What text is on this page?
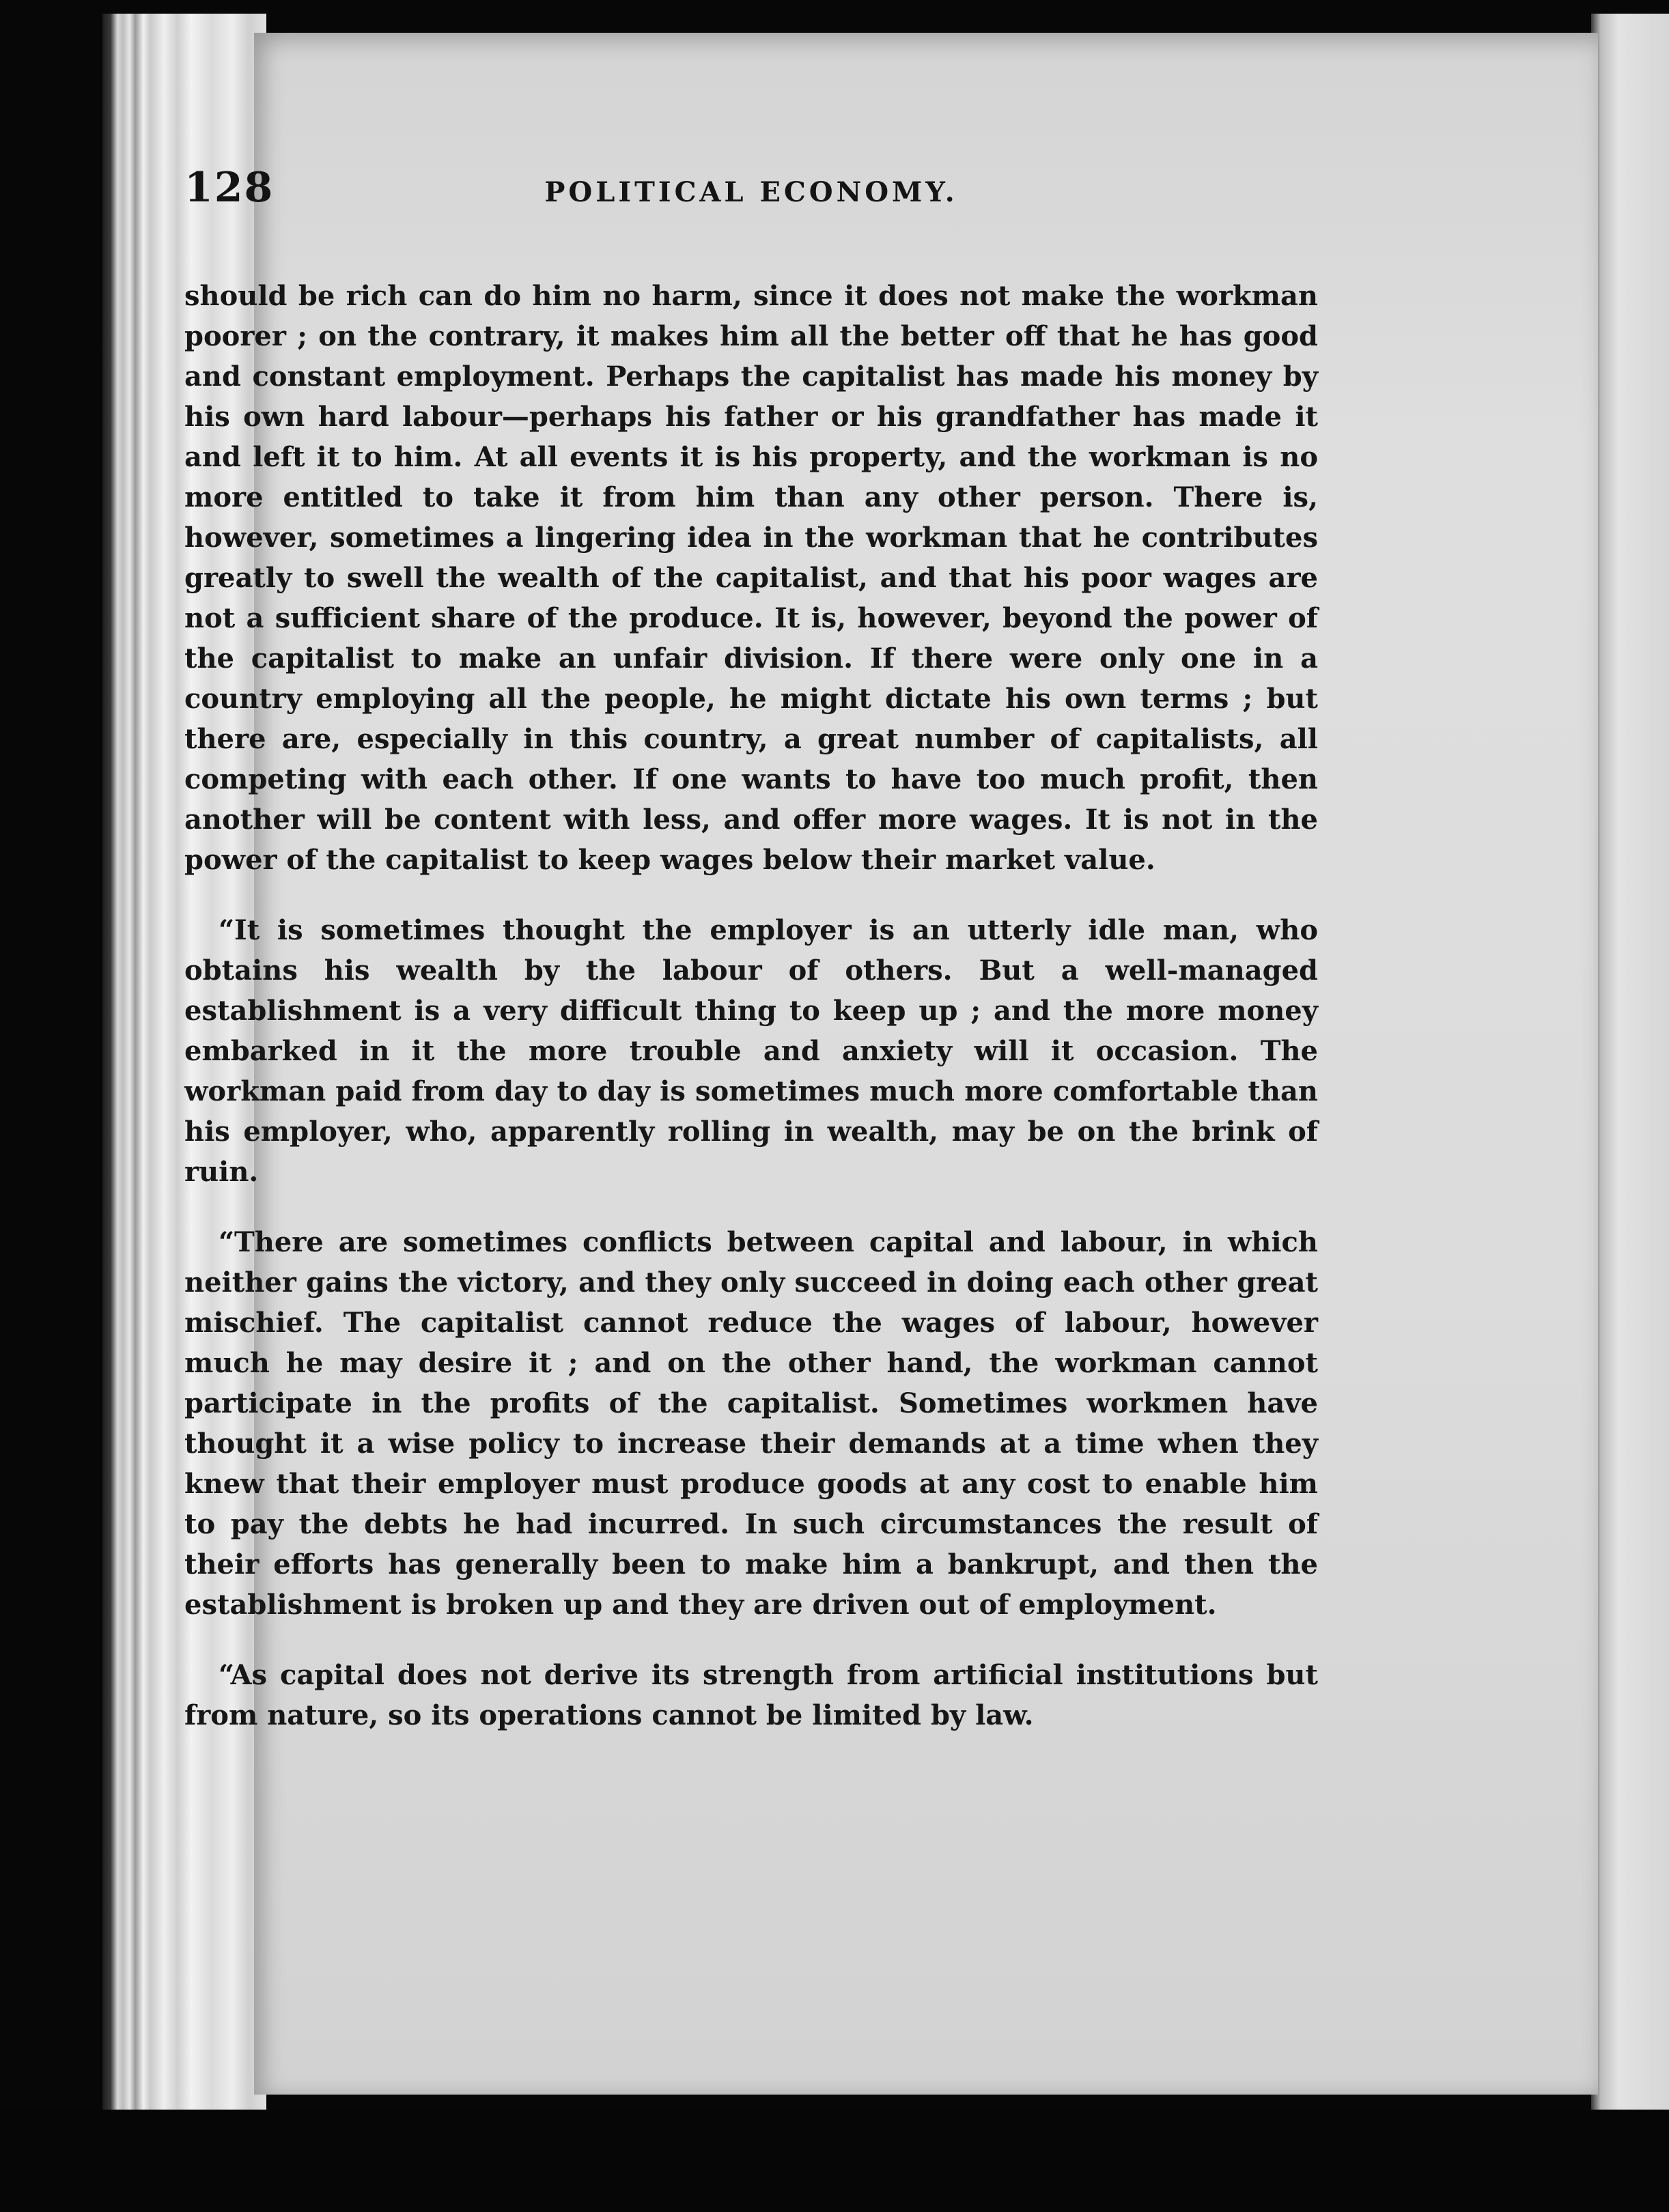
128	POLITICAL ECONOMY.

should be rich can do him no harm, since it does not make the workman poorer ; on the contrary, it makes him all the better off that he has good and constant employment. Perhaps the capitalist has made his money by his own hard labour—perhaps his father or his grandfather has made it and left it to him. At all events it is his property, and the workman is no more entitled to take it from him than any other person. There is, however, sometimes a lingering idea in the workman that he contributes greatly to swell the wealth of the capitalist, and that his poor wages are not a sufficient share of the produce. It is, however, beyond the power of the capitalist to make an unfair division. If there were only one in a country employing all the people, he might dictate his own terms ; but there are, especially in this country, a great number of capitalists, all competing with each other. If one wants to have too much profit, then another will be content with less, and offer more wages. It is not in the power of the capitalist to keep wages below their market value.

“It is sometimes thought the employer is an utterly idle man, who obtains his wealth by the labour of others. But a well-managed establishment is a very difficult thing to keep up ; and the more money embarked in it the more trouble and anxiety will it occasion. The workman paid from day to day is sometimes much more comfortable than his employer, who, apparently rolling in wealth, may be on the brink of ruin.

“There are sometimes conflicts between capital and labour, in which neither gains the victory, and they only succeed in doing each other great mischief. The capitalist cannot reduce the wages of labour, however much he may desire it ; and on the other hand, the workman cannot participate in the profits of the capitalist. Sometimes workmen have thought it a wise policy to increase their demands at a time when they knew that their employer must produce goods at any cost to enable him to pay the debts he had incurred. In such circumstances the result of their efforts has generally been to make him a bankrupt, and then the establishment is broken up and they are driven out of employment.

“As capital does not derive its strength from artificial institutions but from nature, so its operations cannot be limited by law.
